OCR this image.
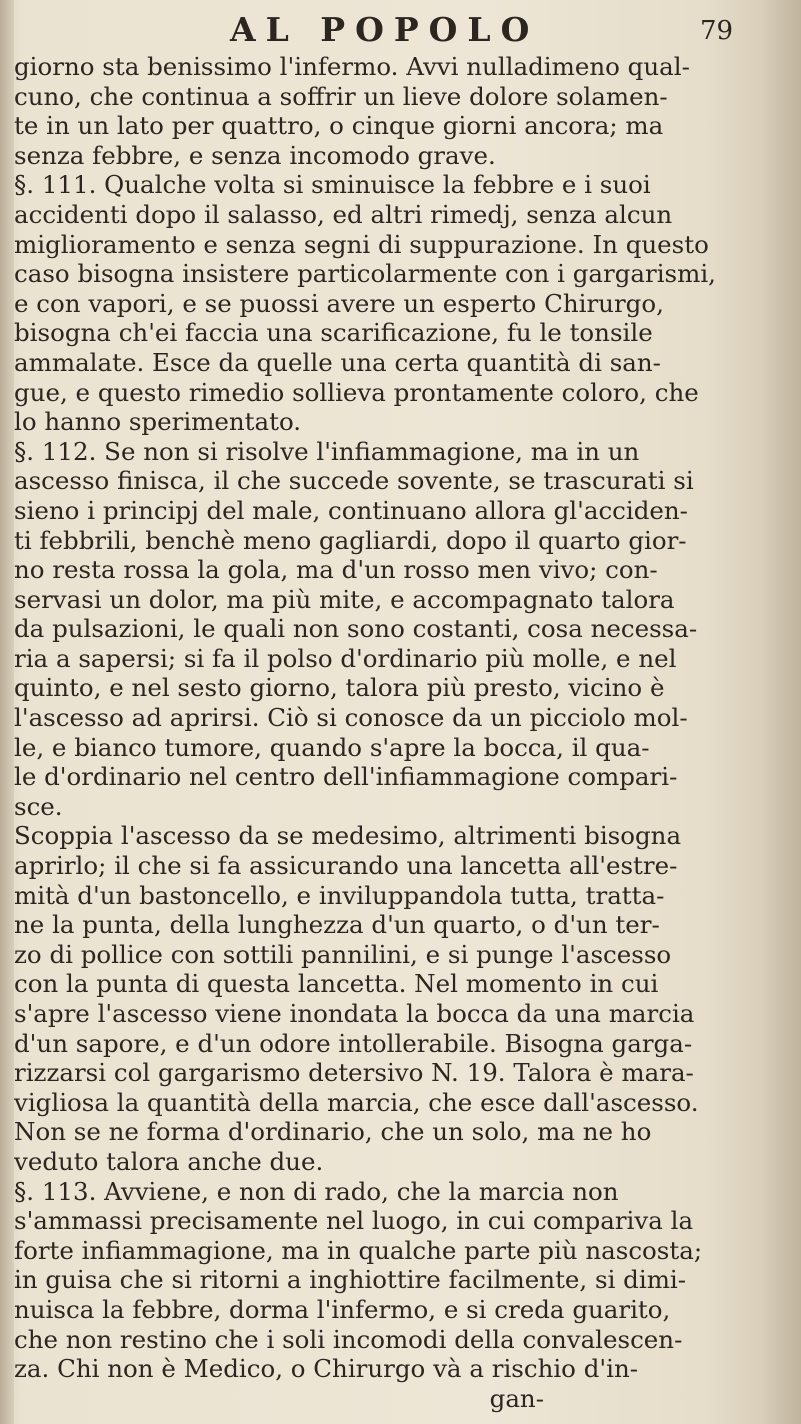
AL POPOLO	79
giorno sta benissimo l'infermo. Avvi nulladimeno qual-
cuno, che continua a soffrir un lieve dolore solamen-
te in un lato per quattro, o cinque giorni ancora; ma
senza febbre, e senza incomodo grave.
§. 111. Qualche volta si sminuisce la febbre e i suoi
accidenti dopo il salasso, ed altri rimedj, senza alcun
miglioramento e senza segni di suppurazione. In questo
caso bisogna insistere particolarmente con i gargarismi,
e con vapori, e se puossi avere un esperto Chirurgo,
bisogna ch'ei faccia una scarificazione, fu le tonsile
ammalate. Esce da quelle una certa quantità di san-
gue, e questo rimedio sollieva prontamente coloro, che
lo hanno sperimentato.
§. 112. Se non si risolve l'infiammagione, ma in un
ascesso finisca, il che succede sovente, se trascurati si
sieno i principj del male, continuano allora gl'acciden-
ti febbrili, benchè meno gagliardi, dopo il quarto gior-
no resta rossa la gola, ma d'un rosso men vivo; con-
servasi un dolor, ma più mite, e accompagnato talora
da pulsazioni, le quali non sono costanti, cosa necessa-
ria a sapersi; si fa il polso d'ordinario più molle, e nel
quinto, e nel sesto giorno, talora più presto, vicino è
l'ascesso ad aprirsi. Ciò si conosce da un picciolo mol-
le, e bianco tumore, quando s'apre la bocca, il qua-
le d'ordinario nel centro dell'infiammagione compari-
sce.
Scoppia l'ascesso da se medesimo, altrimenti bisogna
aprirlo; il che si fa assicurando una lancetta all'estre-
mità d'un bastoncello, e inviluppandola tutta, tratta-
ne la punta, della lunghezza d'un quarto, o d'un ter-
zo di pollice con sottili pannilini, e si punge l'ascesso
con la punta di questa lancetta. Nel momento in cui
s'apre l'ascesso viene inondata la bocca da una marcia
d'un sapore, e d'un odore intollerabile. Bisogna garga-
rizzarsi col gargarismo detersivo N. 19. Talora è mara-
vigliosa la quantità della marcia, che esce dall'ascesso.
Non se ne forma d'ordinario, che un solo, ma ne ho
veduto talora anche due.
§. 113. Avviene, e non di rado, che la marcia non
s'ammassi precisamente nel luogo, in cui compariva la
forte infiammagione, ma in qualche parte più nascosta;
in guisa che si ritorni a inghiottire facilmente, si dimi-
nuisca la febbre, dorma l'infermo, e si creda guarito,
che non restino che i soli incomodi della convalescen-
za. Chi non è Medico, o Chirurgo và a rischio d'in-
gan-
